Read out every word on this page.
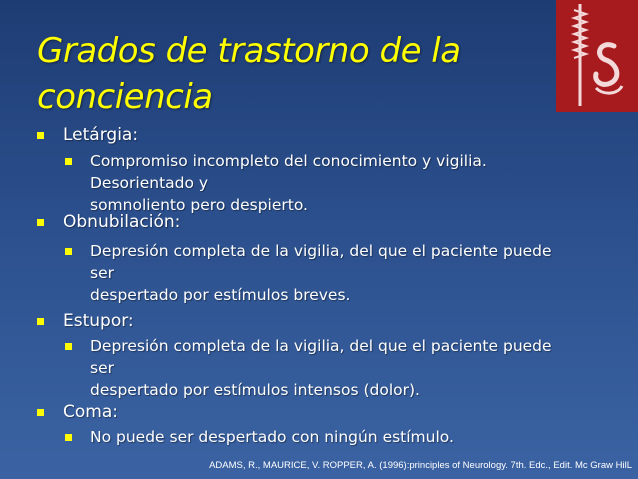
Grados de trastorno de la
conciencia
Letárgia:
Compromiso incompleto del conocimiento y vigilia. Desorientado y
somnoliento pero despierto.
Obnubilación:
Depresión completa de la vigilia, del que el paciente puede ser
despertado por estímulos breves.
Estupor:
Depresión completa de la vigilia, del que el paciente puede ser
despertado por estímulos intensos (dolor).
Coma:
No puede ser despertado con ningún estímulo.
ADAMS, R., MAURICE, V. ROPPER, A. (1996):principles of Neurology. 7th. Edc., Edit. Mc Graw HilL
